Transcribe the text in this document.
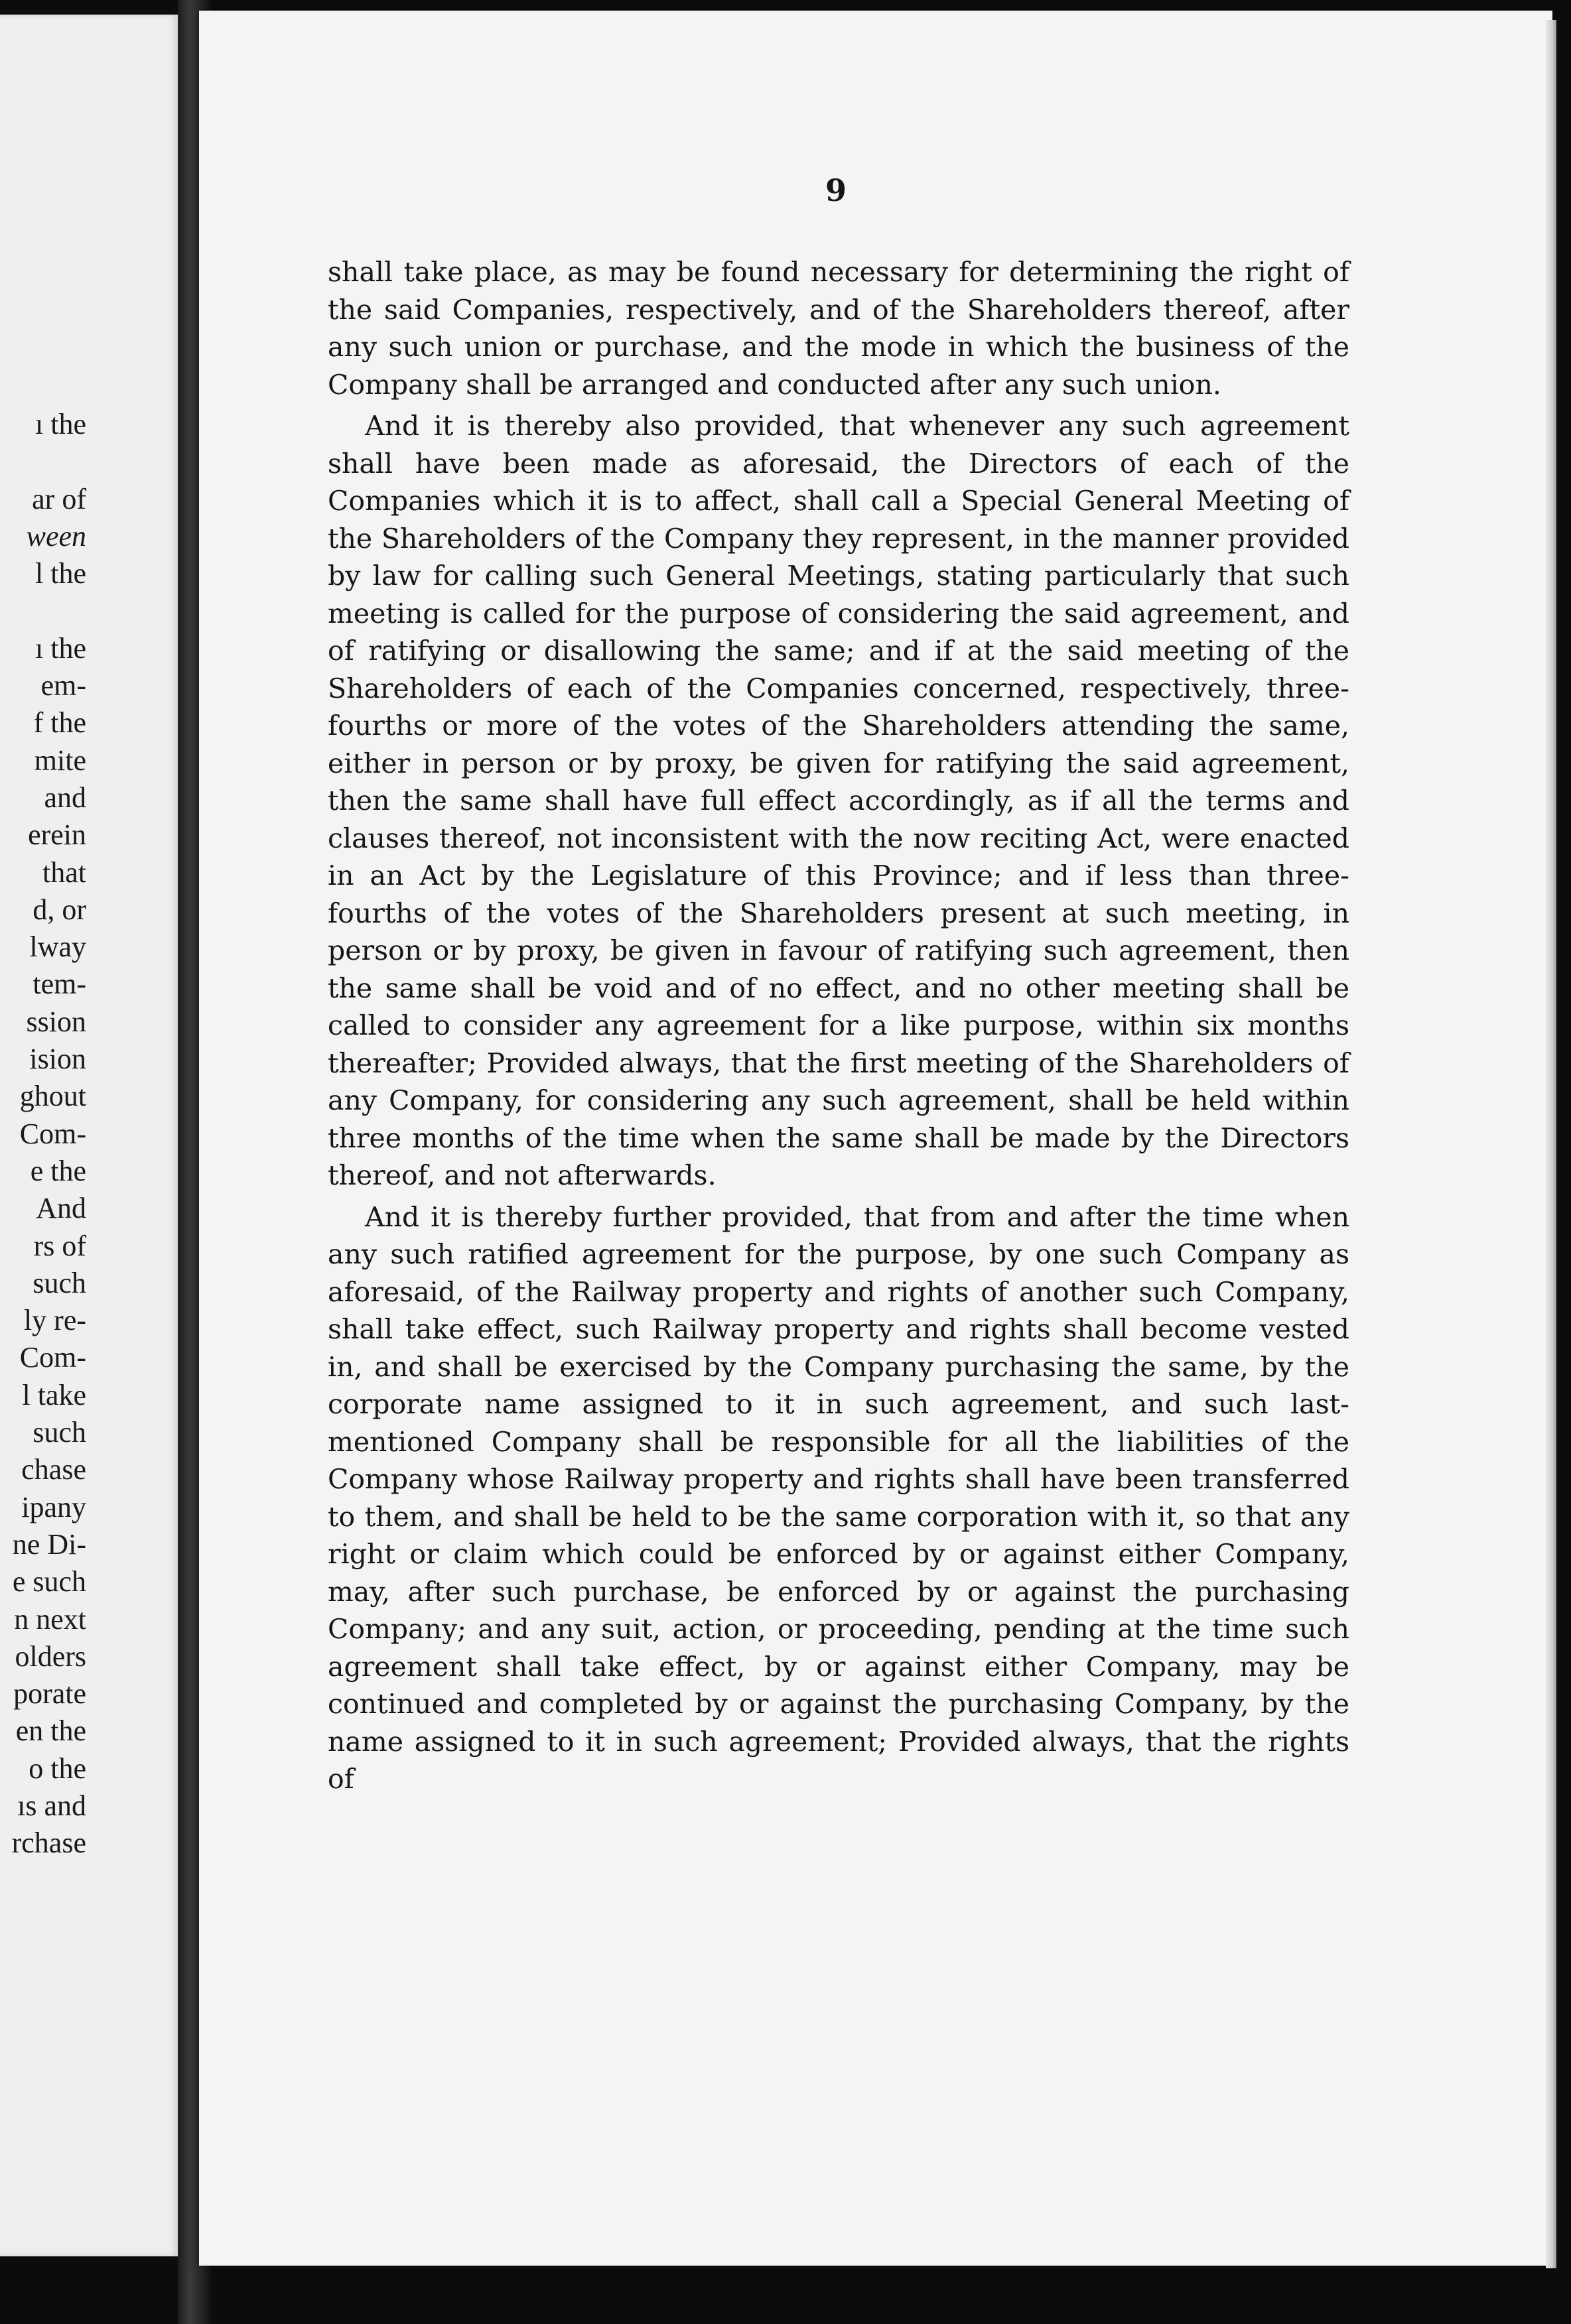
ı the
ar of
ween
l the
ı the
em-
f the
mite
and
erein
that
d, or
lway
tem-
ssion
ision
ghout
Com-
e the
And
rs of
such
ly re-
Com-
l take
such
chase
ipany
ne Di-
e such
n next
olders
porate
en the
o the
ıs and
rchase
9

shall take place, as may be found necessary for determining the right of the said Companies, respectively, and of the Shareholders thereof, after any such union or purchase, and the mode in which the business of the Company shall be arranged and conducted after any such union.

And it is thereby also provided, that whenever any such agreement shall have been made as aforesaid, the Directors of each of the Companies which it is to affect, shall call a Special General Meeting of the Shareholders of the Company they represent, in the manner provided by law for calling such General Meetings, stating particularly that such meeting is called for the purpose of considering the said agreement, and of ratifying or disallowing the same; and if at the said meeting of the Shareholders of each of the Companies concerned, respectively, three-fourths or more of the votes of the Shareholders attending the same, either in person or by proxy, be given for ratifying the said agreement, then the same shall have full effect accordingly, as if all the terms and clauses thereof, not inconsistent with the now reciting Act, were enacted in an Act by the Legislature of this Province; and if less than three-fourths of the votes of the Shareholders present at such meeting, in person or by proxy, be given in favour of ratifying such agreement, then the same shall be void and of no effect, and no other meeting shall be called to consider any agreement for a like purpose, within six months thereafter; Provided always, that the first meeting of the Shareholders of any Company, for considering any such agreement, shall be held within three months of the time when the same shall be made by the Directors thereof, and not afterwards.

And it is thereby further provided, that from and after the time when any such ratified agreement for the purpose, by one such Company as aforesaid, of the Railway property and rights of another such Company, shall take effect, such Railway property and rights shall become vested in, and shall be exercised by the Company purchasing the same, by the corporate name assigned to it in such agreement, and such last-mentioned Company shall be responsible for all the liabilities of the Company whose Railway property and rights shall have been transferred to them, and shall be held to be the same corporation with it, so that any right or claim which could be enforced by or against either Company, may, after such purchase, be enforced by or against the purchasing Company; and any suit, action, or proceeding, pending at the time such agreement shall take effect, by or against either Company, may be continued and completed by or against the purchasing Company, by the name assigned to it in such agreement; Provided always, that the rights of
